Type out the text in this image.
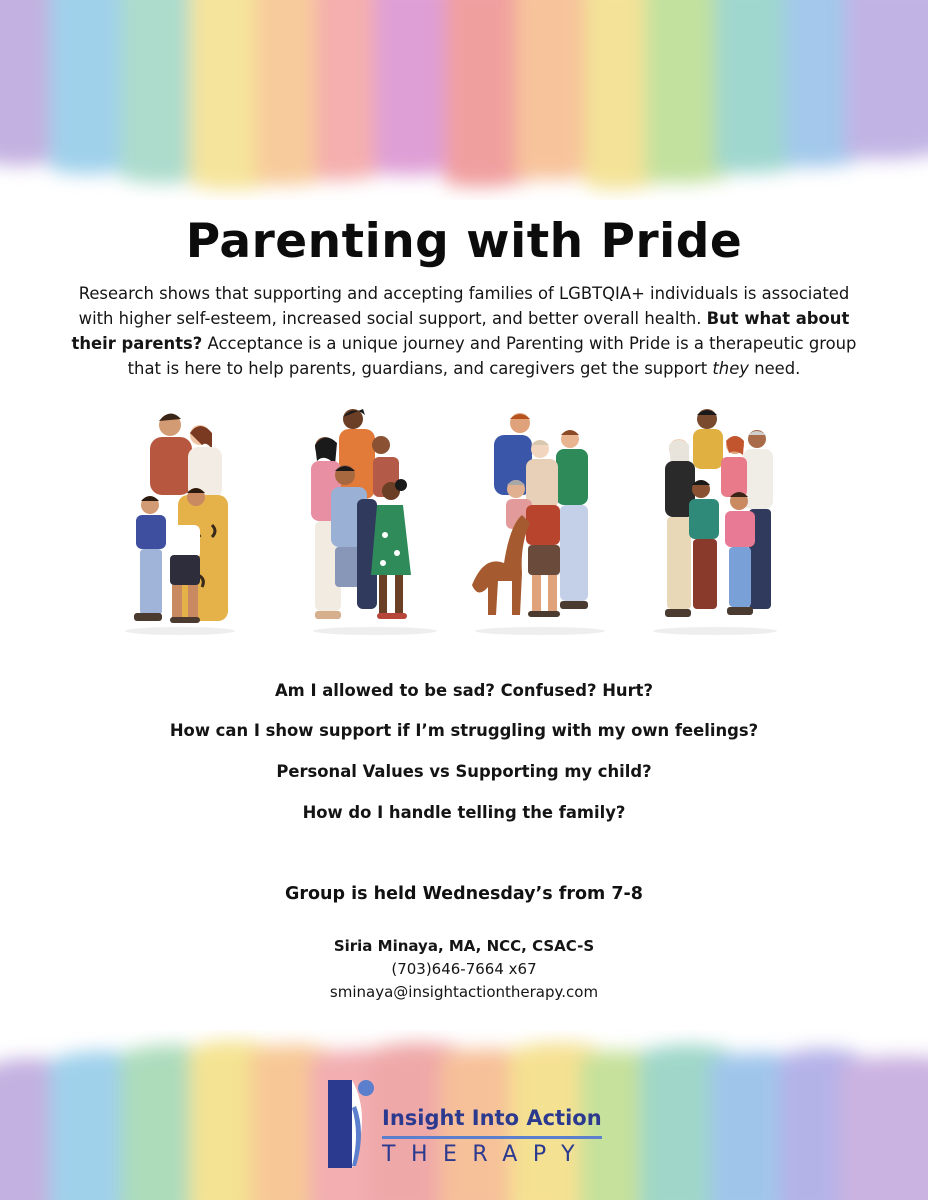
Parenting with Pride
Research shows that supporting and accepting families of LGBTQIA+ individuals is associated with higher self-esteem, increased social support, and better overall health. But what about their parents? Acceptance is a unique journey and Parenting with Pride is a therapeutic group that is here to help parents, guardians, and caregivers get the support they need.
Am I allowed to be sad? Confused? Hurt?
How can I show support if I’m struggling with my own feelings?
Personal Values vs Supporting my child?
How do I handle telling the family?
Group is held Wednesday’s from 7-8
Siria Minaya, MA, NCC, CSAC-S
(703)646-7664 x67
sminaya@insightactiontherapy.com
Insight Into Action
THERAPY
